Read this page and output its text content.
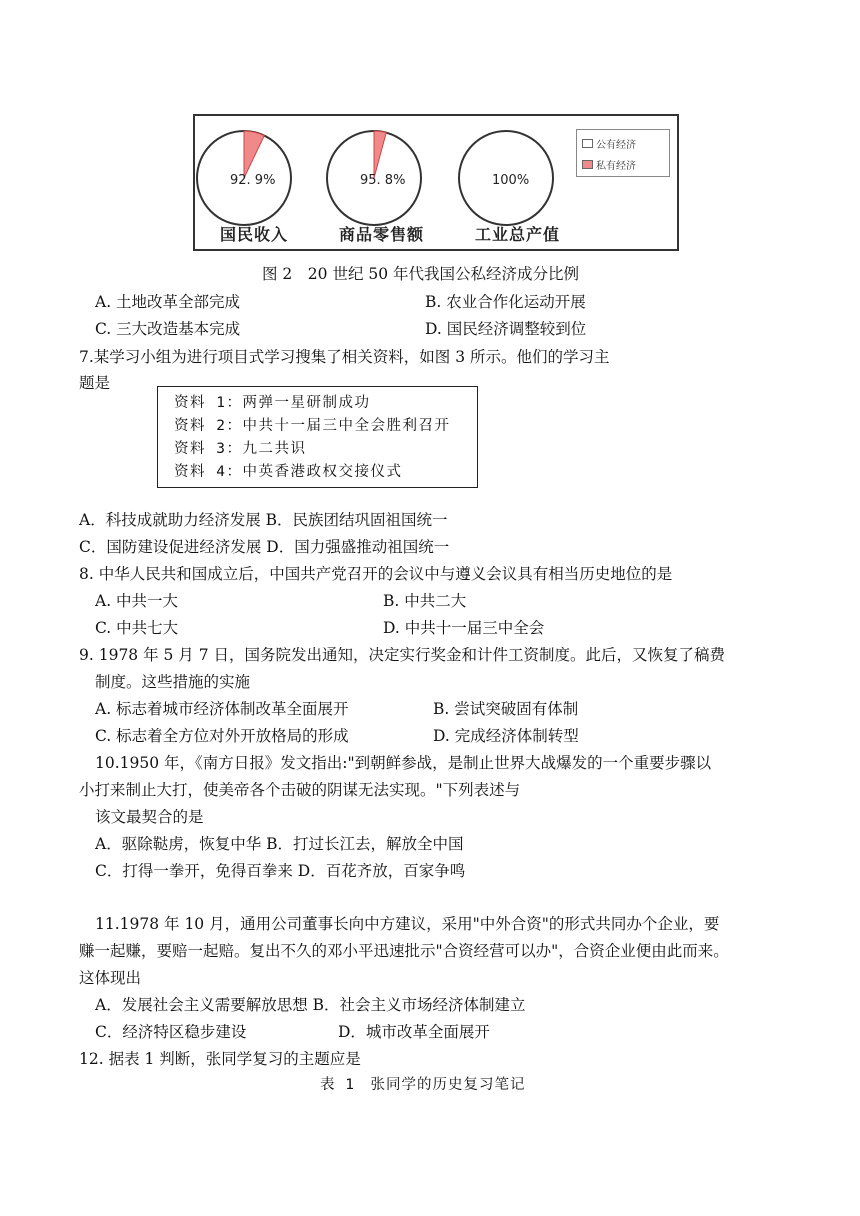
92. 9%	95. 8%	100%
国民收入	商品零售额	工业总产值
公有经济
私有经济
图 2　20 世纪 50 年代我国公私经济成分比例
A. 土地改革全部完成	B. 农业合作化运动开展
C. 三大改造基本完成	D. 国民经济调整较到位
7.某学习小组为进行项目式学习搜集了相关资料，如图 3 所示。他们的学习主
题是
资料 1：两弹一星研制成功
资料 2：中共十一届三中全会胜利召开
资料 3：九二共识
资料 4：中英香港政权交接仪式
A．科技成就助力经济发展 B．民族团结巩固祖国统一
C．国防建设促进经济发展 D．国力强盛推动祖国统一
8. 中华人民共和国成立后，中国共产党召开的会议中与遵义会议具有相当历史地位的是
A. 中共一大	B. 中共二大
C. 中共七大	D. 中共十一届三中全会
9. 1978 年 5 月 7 日，国务院发出通知，决定实行奖金和计件工资制度。此后，又恢复了稿费
制度。这些措施的实施
A. 标志着城市经济体制改革全面展开	B. 尝试突破固有体制
C. 标志着全方位对外开放格局的形成	D. 完成经济体制转型
10.1950 年，《南方日报》发文指出:"到朝鲜参战，是制止世界大战爆发的一个重要步骤以
小打来制止大打，使美帝各个击破的阴谋无法实现。"下列表述与
该文最契合的是
A．驱除鞑虏，恢复中华 B．打过长江去，解放全中国
C．打得一拳开，免得百拳来 D．百花齐放，百家争鸣
11.1978 年 10 月，通用公司董事长向中方建议，采用"中外合资"的形式共同办个企业，要
赚一起赚，要赔一起赔。复出不久的邓小平迅速批示"合资经营可以办"，合资企业便由此而来。
这体现出
A．发展社会主义需要解放思想 B．社会主义市场经济体制建立
C．经济特区稳步建设	D．城市改革全面展开
12. 据表 1 判断，张同学复习的主题应是
表 1　张同学的历史复习笔记
